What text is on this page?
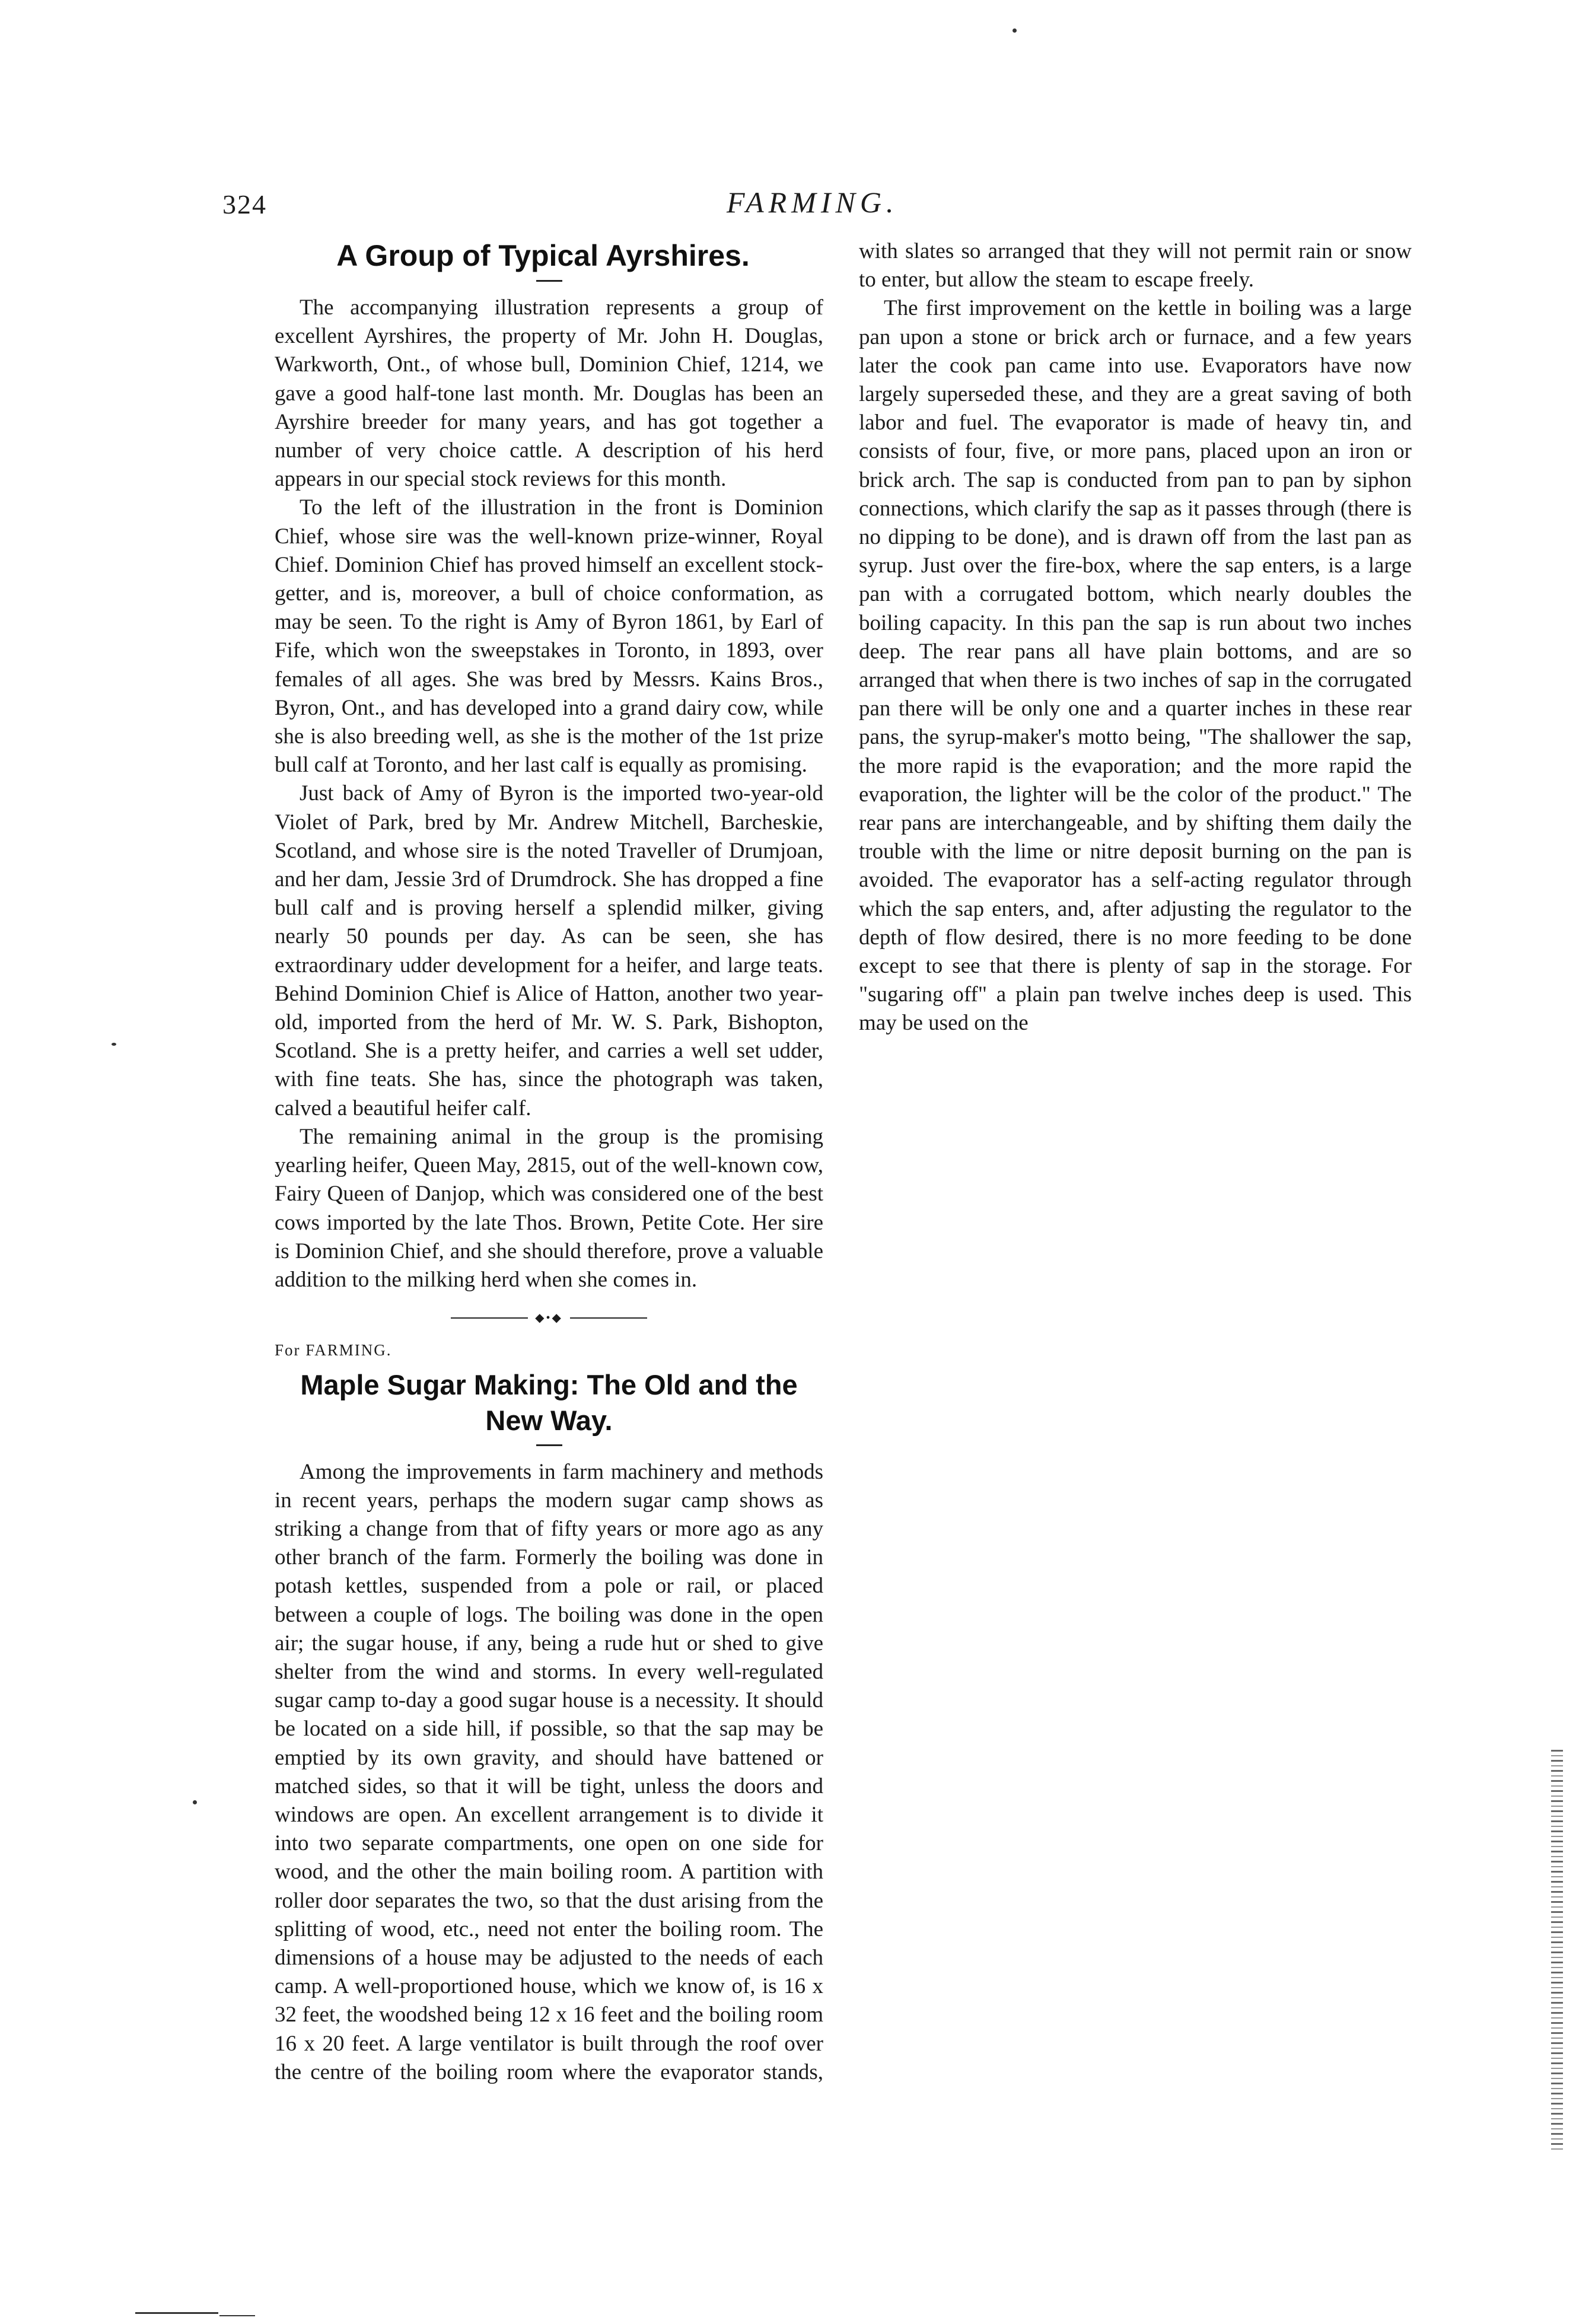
324	FARMING.
A Group of Typical Ayrshires.

The accompanying illustration represents a group of excellent Ayrshires, the property of Mr. John H. Douglas, Warkworth, Ont., of whose bull, Dominion Chief, 1214, we gave a good half-tone last month. Mr. Douglas has been an Ayrshire breeder for many years, and has got together a number of very choice cattle. A description of his herd appears in our special stock reviews for this month.

To the left of the illustration in the front is Dominion Chief, whose sire was the well-known prize-winner, Royal Chief. Dominion Chief has proved himself an excellent stock-getter, and is, moreover, a bull of choice conformation, as may be seen. To the right is Amy of Byron 1861, by Earl of Fife, which won the sweepstakes in Toronto, in 1893, over females of all ages. She was bred by Messrs. Kains Bros., Byron, Ont., and has developed into a grand dairy cow, while she is also breeding well, as she is the mother of the 1st prize bull calf at Toronto, and her last calf is equally as promising.

Just back of Amy of Byron is the imported two-year-old Violet of Park, bred by Mr. Andrew Mitchell, Barcheskie, Scotland, and whose sire is the noted Traveller of Drumjoan, and her dam, Jessie 3rd of Drumdrock. She has dropped a fine bull calf and is proving herself a splendid milker, giving nearly 50 pounds per day. As can be seen, she has extraordinary udder development for a heifer, and large teats. Behind Dominion Chief is Alice of Hatton, another two year-old, imported from the herd of Mr. W. S. Park, Bishopton, Scotland. She is a pretty heifer, and carries a well set udder, with fine teats. She has, since the photograph was taken, calved a beautiful heifer calf.

The remaining animal in the group is the promising yearling heifer, Queen May, 2815, out of the well-known cow, Fairy Queen of Danjop, which was considered one of the best cows imported by the late Thos. Brown, Petite Cote. Her sire is Dominion Chief, and she should therefore, prove a valuable addition to the milking herd when she comes in.

◆•◆
For FARMING.
Maple Sugar Making: The Old and the New Way.

Among the improvements in farm machinery and methods in recent years, perhaps the modern sugar camp shows as striking a change from that of fifty years or more ago as any other branch of the farm. Formerly the boiling was done in potash kettles, suspended from a pole or rail, or placed between a couple of logs. The boiling was done in the open air; the sugar house, if any, being a rude hut or shed to give shelter from the wind and storms. In every well-regulated sugar camp to-day a good sugar house is a necessity. It should be located on a side hill, if possible, so that the sap may be emptied by its own gravity, and should have battened or matched sides, so that it will be tight, unless the doors and windows are open. An excellent arrangement is to divide it into two separate compartments, one open on one side for wood, and the other the main boiling room. A partition with roller door separates the two, so that the dust arising from the splitting of wood, etc., need not enter the boiling room. The dimensions of a house may be adjusted to the needs of each camp. A well-proportioned house, which we know of, is 16 x 32 feet, the woodshed being 12 x 16 feet and the boiling room 16 x 20 feet. A large ventilator is built through the roof over the centre of the boiling room where the evaporator stands,

with slates so arranged that they will not permit rain or snow to enter, but allow the steam to escape freely.

The first improvement on the kettle in boiling was a large pan upon a stone or brick arch or furnace, and a few years later the cook pan came into use. Evaporators have now largely superseded these, and they are a great saving of both labor and fuel. The evaporator is made of heavy tin, and consists of four, five, or more pans, placed upon an iron or brick arch. The sap is conducted from pan to pan by siphon connections, which clarify the sap as it passes through (there is no dipping to be done), and is drawn off from the last pan as syrup. Just over the fire-box, where the sap enters, is a large pan with a corrugated bottom, which nearly doubles the boiling capacity. In this pan the sap is run about two inches deep. The rear pans all have plain bottoms, and are so arranged that when there is two inches of sap in the corrugated pan there will be only one and a quarter inches in these rear pans, the syrup-maker's motto being, "The shallower the sap, the more rapid is the evaporation; and the more rapid the evaporation, the lighter will be the color of the product." The rear pans are interchangeable, and by shifting them daily the trouble with the lime or nitre deposit burning on the pan is avoided. The evaporator has a self-acting regulator through which the sap enters, and, after adjusting the regulator to the depth of flow desired, there is no more feeding to be done except to see that there is plenty of sap in the storage. For "sugaring off" a plain pan twelve inches deep is used. This may be used on the
